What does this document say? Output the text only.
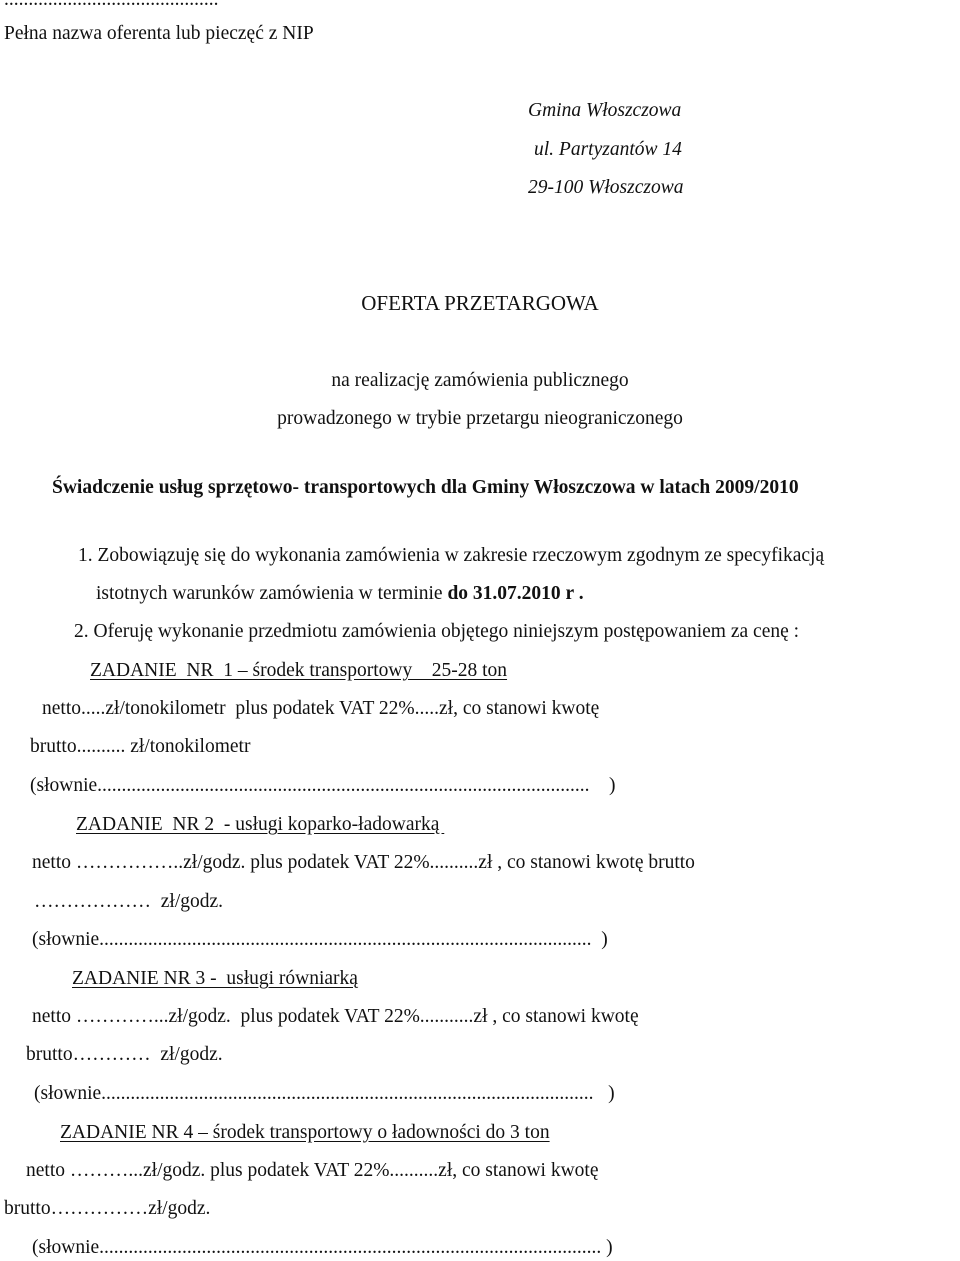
Pełna nazwa oferenta lub pieczęć z NIP
Gmina Włoszczowa
ul. Partyzantów 14
29-100 Włoszczowa
OFERTA PRZETARGOWA
na realizację zamówienia publicznego
prowadzonego w trybie przetargu nieograniczonego
Świadczenie usług sprzętowo- transportowych dla Gminy Włoszczowa w latach 2009/2010
1. Zobowiązuję się do wykonania zamówienia w zakresie rzeczowym zgodnym ze specyfikacją
istotnych warunków zamówienia w terminie do 31.07.2010 r .
2. Oferuję wykonanie przedmiotu zamówienia objętego niniejszym postępowaniem za cenę :
ZADANIE  NR  1 – środek transportowy    25-28 ton
netto.....zł/tonokilometr  plus podatek VAT 22%.....zł, co stanowi kwotę
brutto.......... zł/tonokilometr
(słownie.....................................................................................................    )
ZADANIE  NR 2  - usługi koparko-ładowarką
netto ……………..zł/godz. plus podatek VAT 22%..........zł , co stanowi kwotę brutto
………………  zł/godz.
(słownie.....................................................................................................  )
ZADANIE NR 3 -  usługi równiarką
netto …………...zł/godz.  plus podatek VAT 22%...........zł , co stanowi kwotę
brutto…………  zł/godz.
(słownie.....................................................................................................   )
ZADANIE NR 4 – środek transportowy o ładowności do 3 ton
netto ………...zł/godz. plus podatek VAT 22%..........zł, co stanowi kwotę
brutto……………zł/godz.
(słownie....................................................................................................... )
